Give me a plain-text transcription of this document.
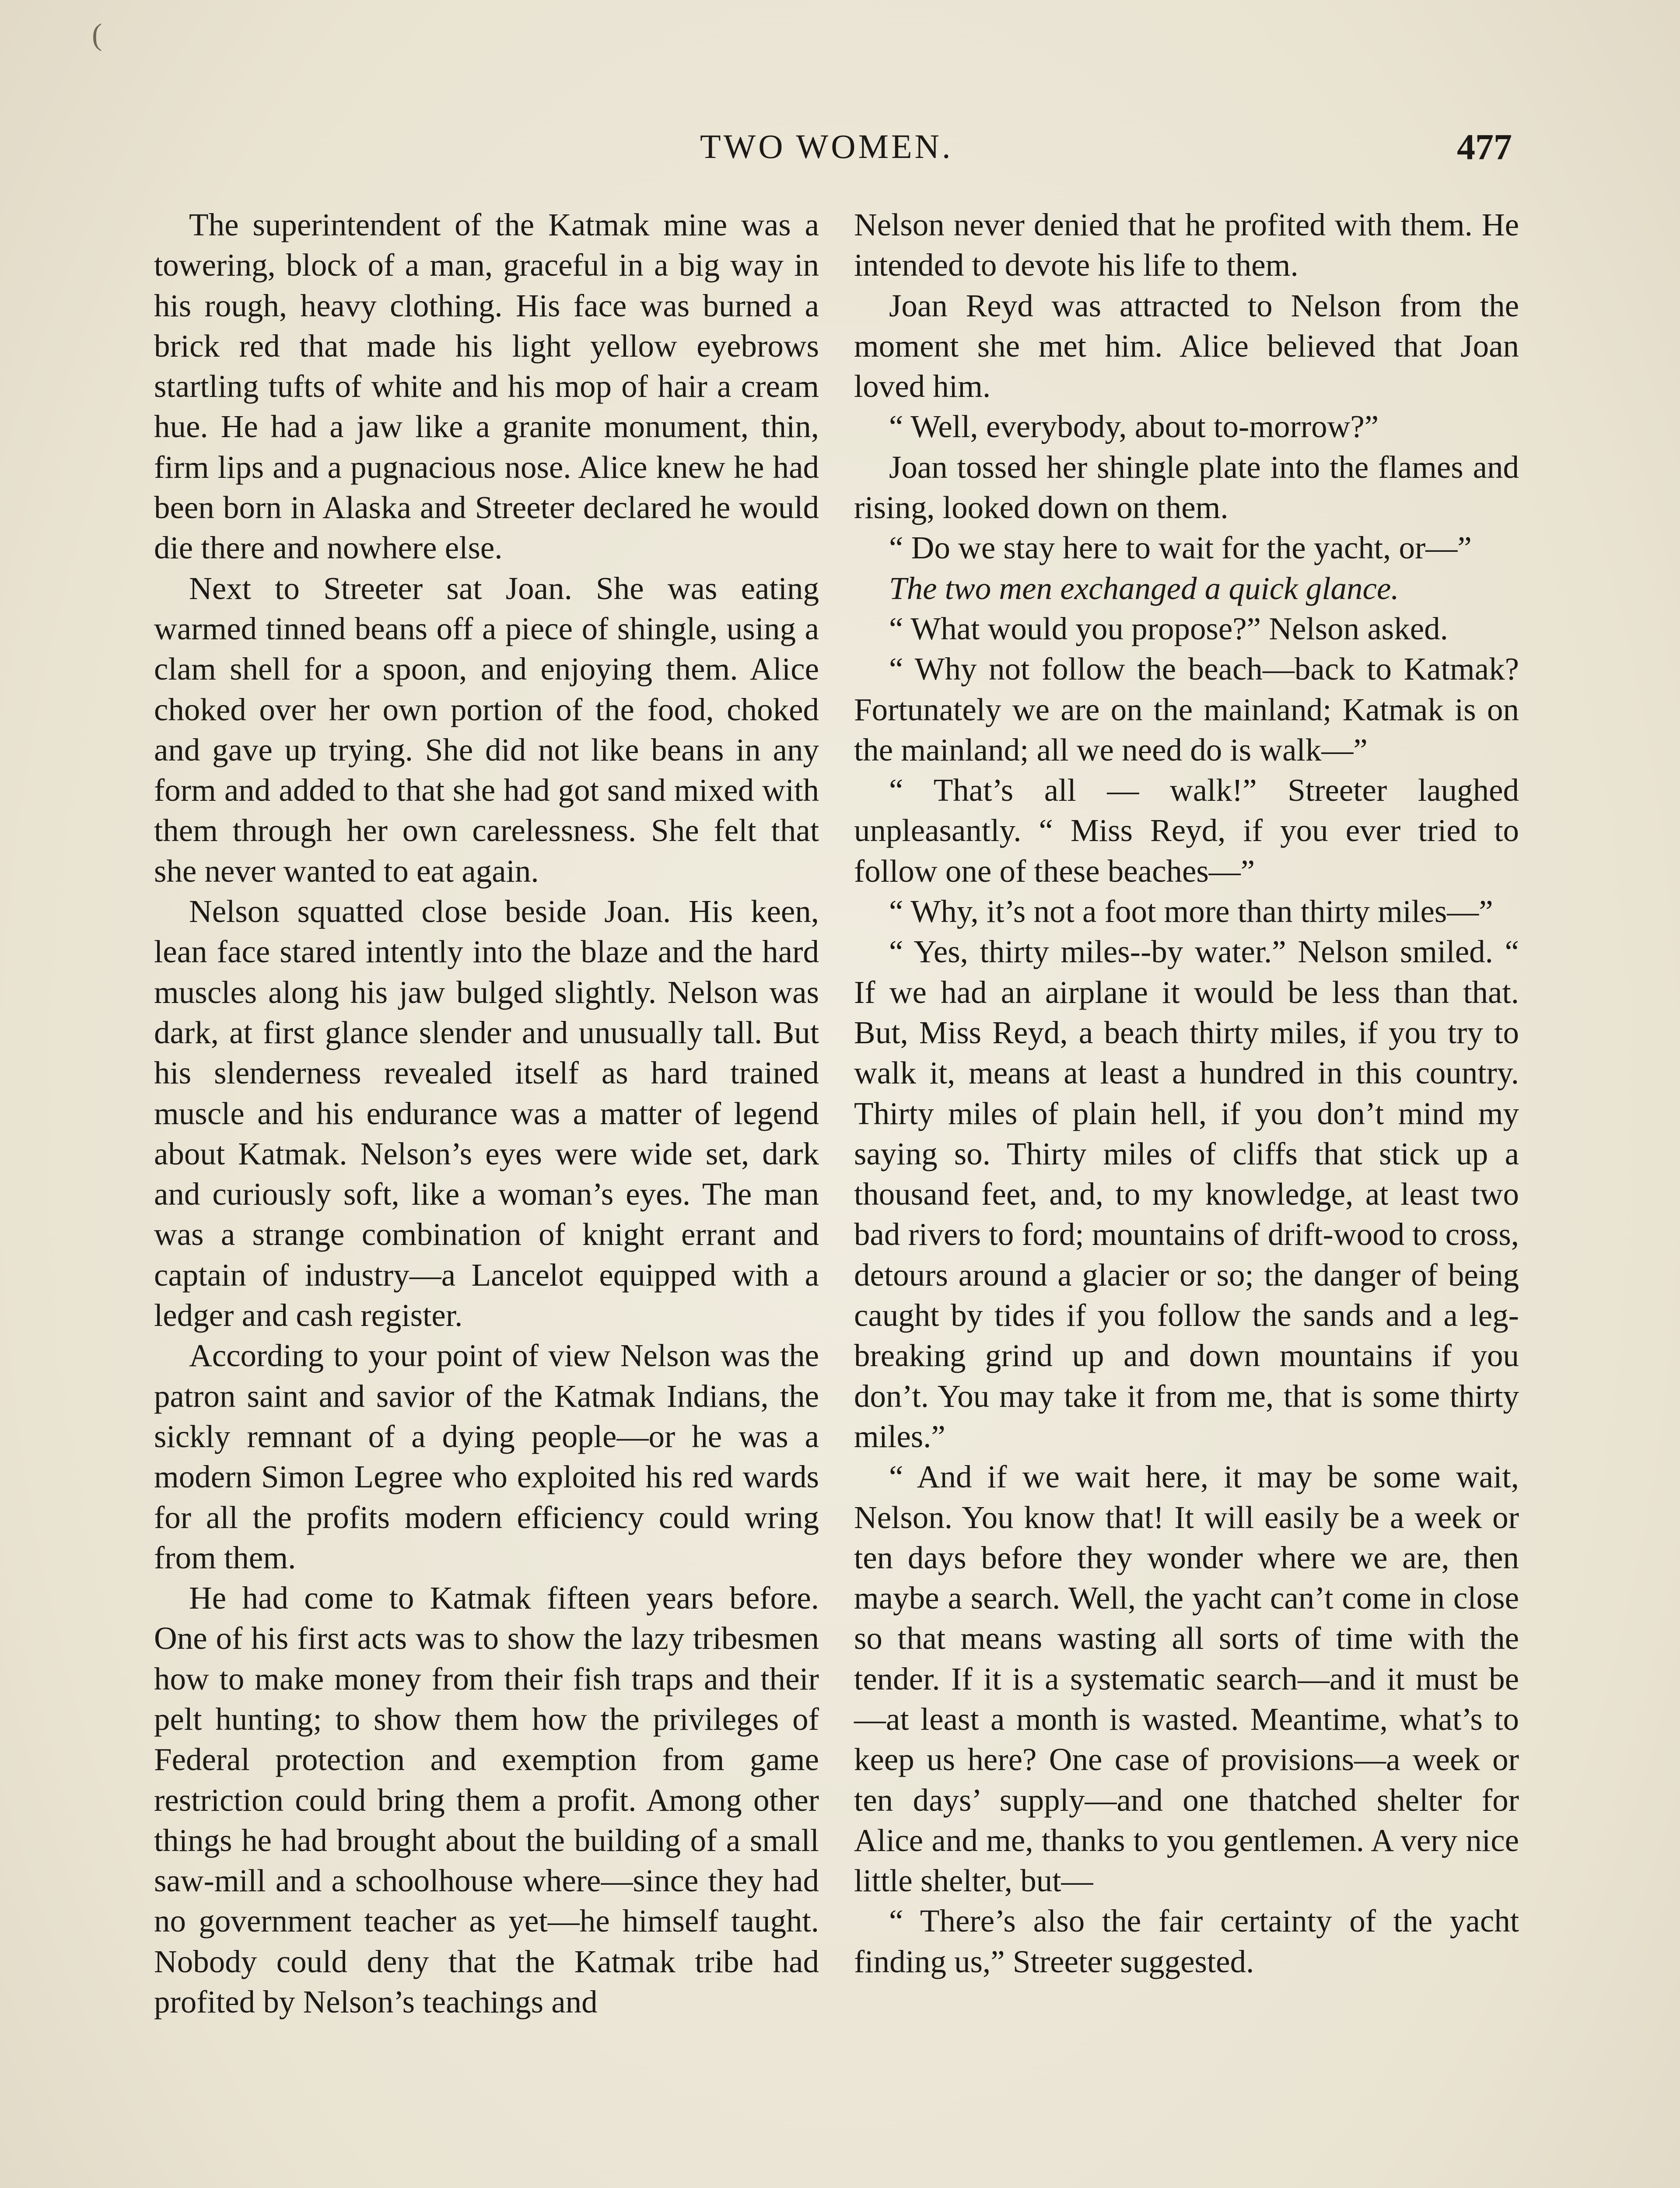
(
TWO WOMEN.	477

The superintendent of the Katmak mine was a towering, block of a man, graceful in a big way in his rough, heavy clothing. His face was burned a brick red that made his light yellow eyebrows startling tufts of white and his mop of hair a cream hue. He had a jaw like a granite monument, thin, firm lips and a pugnacious nose. Alice knew he had been born in Alaska and Streeter declared he would die there and nowhere else.

Next to Streeter sat Joan. She was eating warmed tinned beans off a piece of shingle, using a clam shell for a spoon, and enjoying them. Alice choked over her own portion of the food, choked and gave up trying. She did not like beans in any form and added to that she had got sand mixed with them through her own carelessness. She felt that she never wanted to eat again.

Nelson squatted close beside Joan. His keen, lean face stared intently into the blaze and the hard muscles along his jaw bulged slightly. Nelson was dark, at first glance slender and unusually tall. But his slenderness revealed itself as hard trained muscle and his endurance was a matter of legend about Katmak. Nelson’s eyes were wide set, dark and curiously soft, like a woman’s eyes. The man was a strange combination of knight errant and captain of industry—a Lancelot equipped with a ledger and cash register.

According to your point of view Nelson was the patron saint and savior of the Katmak Indians, the sickly remnant of a dying people—or he was a modern Simon Legree who exploited his red wards for all the profits modern efficiency could wring from them.

He had come to Katmak fifteen years before. One of his first acts was to show the lazy tribesmen how to make money from their fish traps and their pelt hunting; to show them how the privileges of Federal protection and exemption from game restriction could bring them a profit. Among other things he had brought about the building of a small saw-mill and a schoolhouse where—since they had no government teacher as yet—he himself taught. Nobody could deny that the Katmak tribe had profited by Nelson’s teachings and

Nelson never denied that he profited with them. He intended to devote his life to them.

Joan Reyd was attracted to Nelson from the moment she met him. Alice believed that Joan loved him.

“ Well, everybody, about to-morrow?”

Joan tossed her shingle plate into the flames and rising, looked down on them.

“ Do we stay here to wait for the yacht, or—”

The two men exchanged a quick glance.

“ What would you propose?” Nelson asked.

“ Why not follow the beach—back to Katmak? Fortunately we are on the mainland; Katmak is on the mainland; all we need do is walk—”

“ That’s all — walk!” Streeter laughed unpleasantly. “ Miss Reyd, if you ever tried to follow one of these beaches—”

“ Why, it’s not a foot more than thirty miles—”

“ Yes, thirty miles--by water.” Nelson smiled. “ If we had an airplane it would be less than that. But, Miss Reyd, a beach thirty miles, if you try to walk it, means at least a hundred in this country. Thirty miles of plain hell, if you don’t mind my saying so. Thirty miles of cliffs that stick up a thousand feet, and, to my knowledge, at least two bad rivers to ford; mountains of drift-wood to cross, detours around a glacier or so; the danger of being caught by tides if you follow the sands and a leg-breaking grind up and down mountains if you don’t. You may take it from me, that is some thirty miles.”

“ And if we wait here, it may be some wait, Nelson. You know that! It will easily be a week or ten days before they wonder where we are, then maybe a search. Well, the yacht can’t come in close so that means wasting all sorts of time with the tender. If it is a systematic search—and it must be—at least a month is wasted. Meantime, what’s to keep us here? One case of provisions—a week or ten days’ supply—and one thatched shelter for Alice and me, thanks to you gentlemen. A very nice little shelter, but—

“ There’s also the fair certainty of the yacht finding us,” Streeter suggested.
